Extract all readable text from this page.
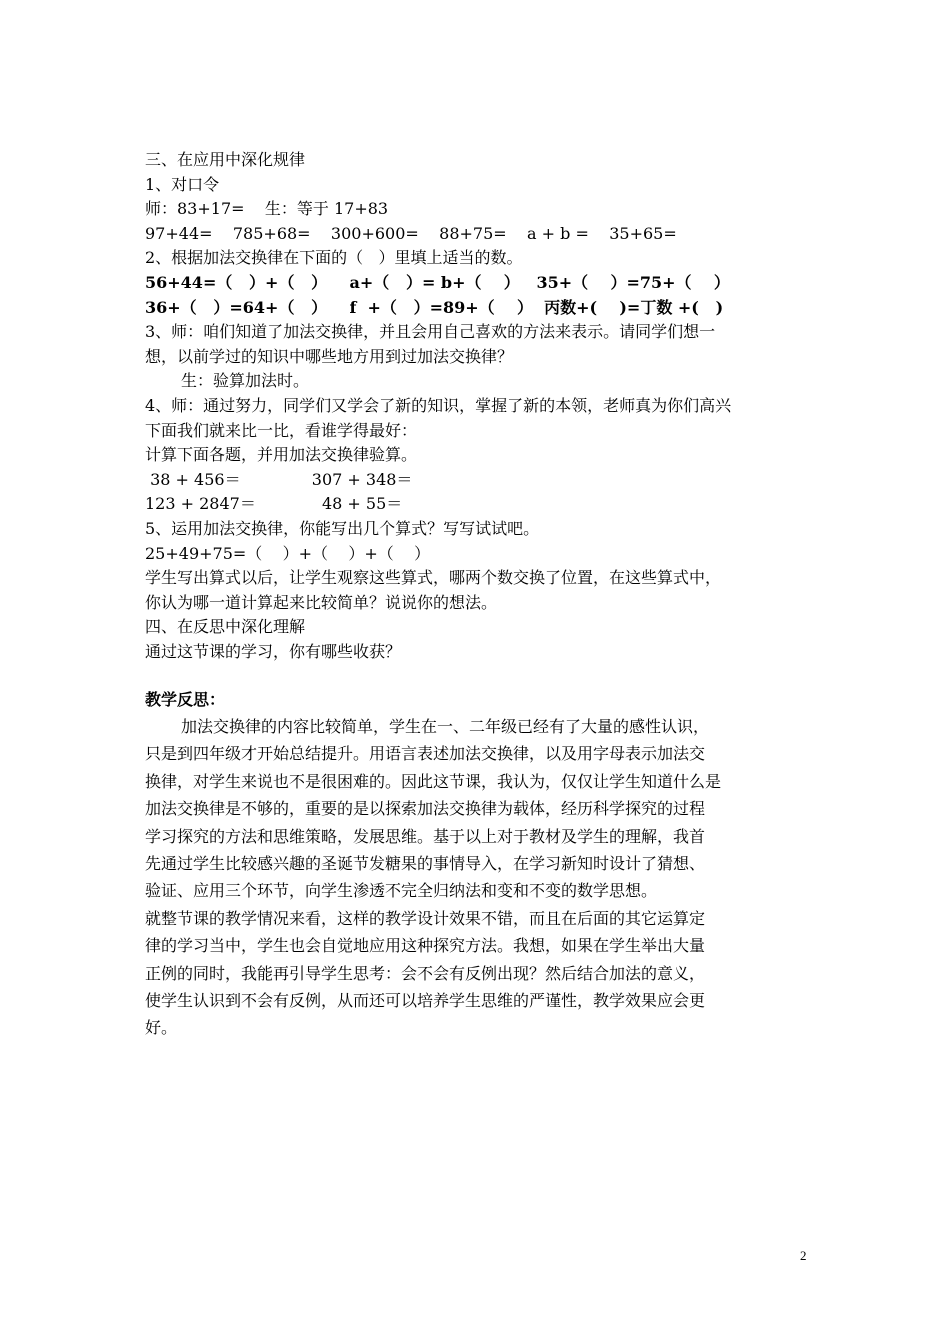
三、在应用中深化规律
1、对口令
师：83+17=    生：等于 17+83
97+44=    785+68=    300+600=    88+75=    a + b =    35+65=
2、根据加法交换律在下面的（   ）里填上适当的数。
56+44=（   ）+（   ）    a+（   ）= b+（    ）   35+（    ）=75+（    ）
36+（   ）=64+（   ）    f  +（   ）=89+（    ）  丙数+(    )=丁数 +(   )
3、师：咱们知道了加法交换律，并且会用自己喜欢的方法来表示。请同学们想一
想，以前学过的知识中哪些地方用到过加法交换律？
生：验算加法时。
4、师：通过努力，同学们又学会了新的知识，掌握了新的本领，老师真为你们高兴
下面我们就来比一比，看谁学得最好：
计算下面各题，并用加法交换律验算。
38 + 456＝              307 + 348＝
123 + 2847＝             48 + 55＝
5、运用加法交换律，你能写出几个算式？写写试试吧。
25+49+75=（    ）+（    ）+（    ）
学生写出算式以后，让学生观察这些算式，哪两个数交换了位置，在这些算式中，
你认为哪一道计算起来比较简单？说说你的想法。
四、在反思中深化理解
通过这节课的学习，你有哪些收获？
教学反思：
加法交换律的内容比较简单，学生在一、二年级已经有了大量的感性认识，
只是到四年级才开始总结提升。用语言表述加法交换律，以及用字母表示加法交
换律，对学生来说也不是很困难的。因此这节课，我认为，仅仅让学生知道什么是
加法交换律是不够的，重要的是以探索加法交换律为载体，经历科学探究的过程
学习探究的方法和思维策略，发展思维。基于以上对于教材及学生的理解，我首
先通过学生比较感兴趣的圣诞节发糖果的事情导入，在学习新知时设计了猜想、
验证、应用三个环节，向学生渗透不完全归纳法和变和不变的数学思想。
就整节课的教学情况来看，这样的教学设计效果不错，而且在后面的其它运算定
律的学习当中，学生也会自觉地应用这种探究方法。我想，如果在学生举出大量
正例的同时，我能再引导学生思考：会不会有反例出现？然后结合加法的意义，
使学生认识到不会有反例，从而还可以培养学生思维的严谨性，教学效果应会更
好。
2
